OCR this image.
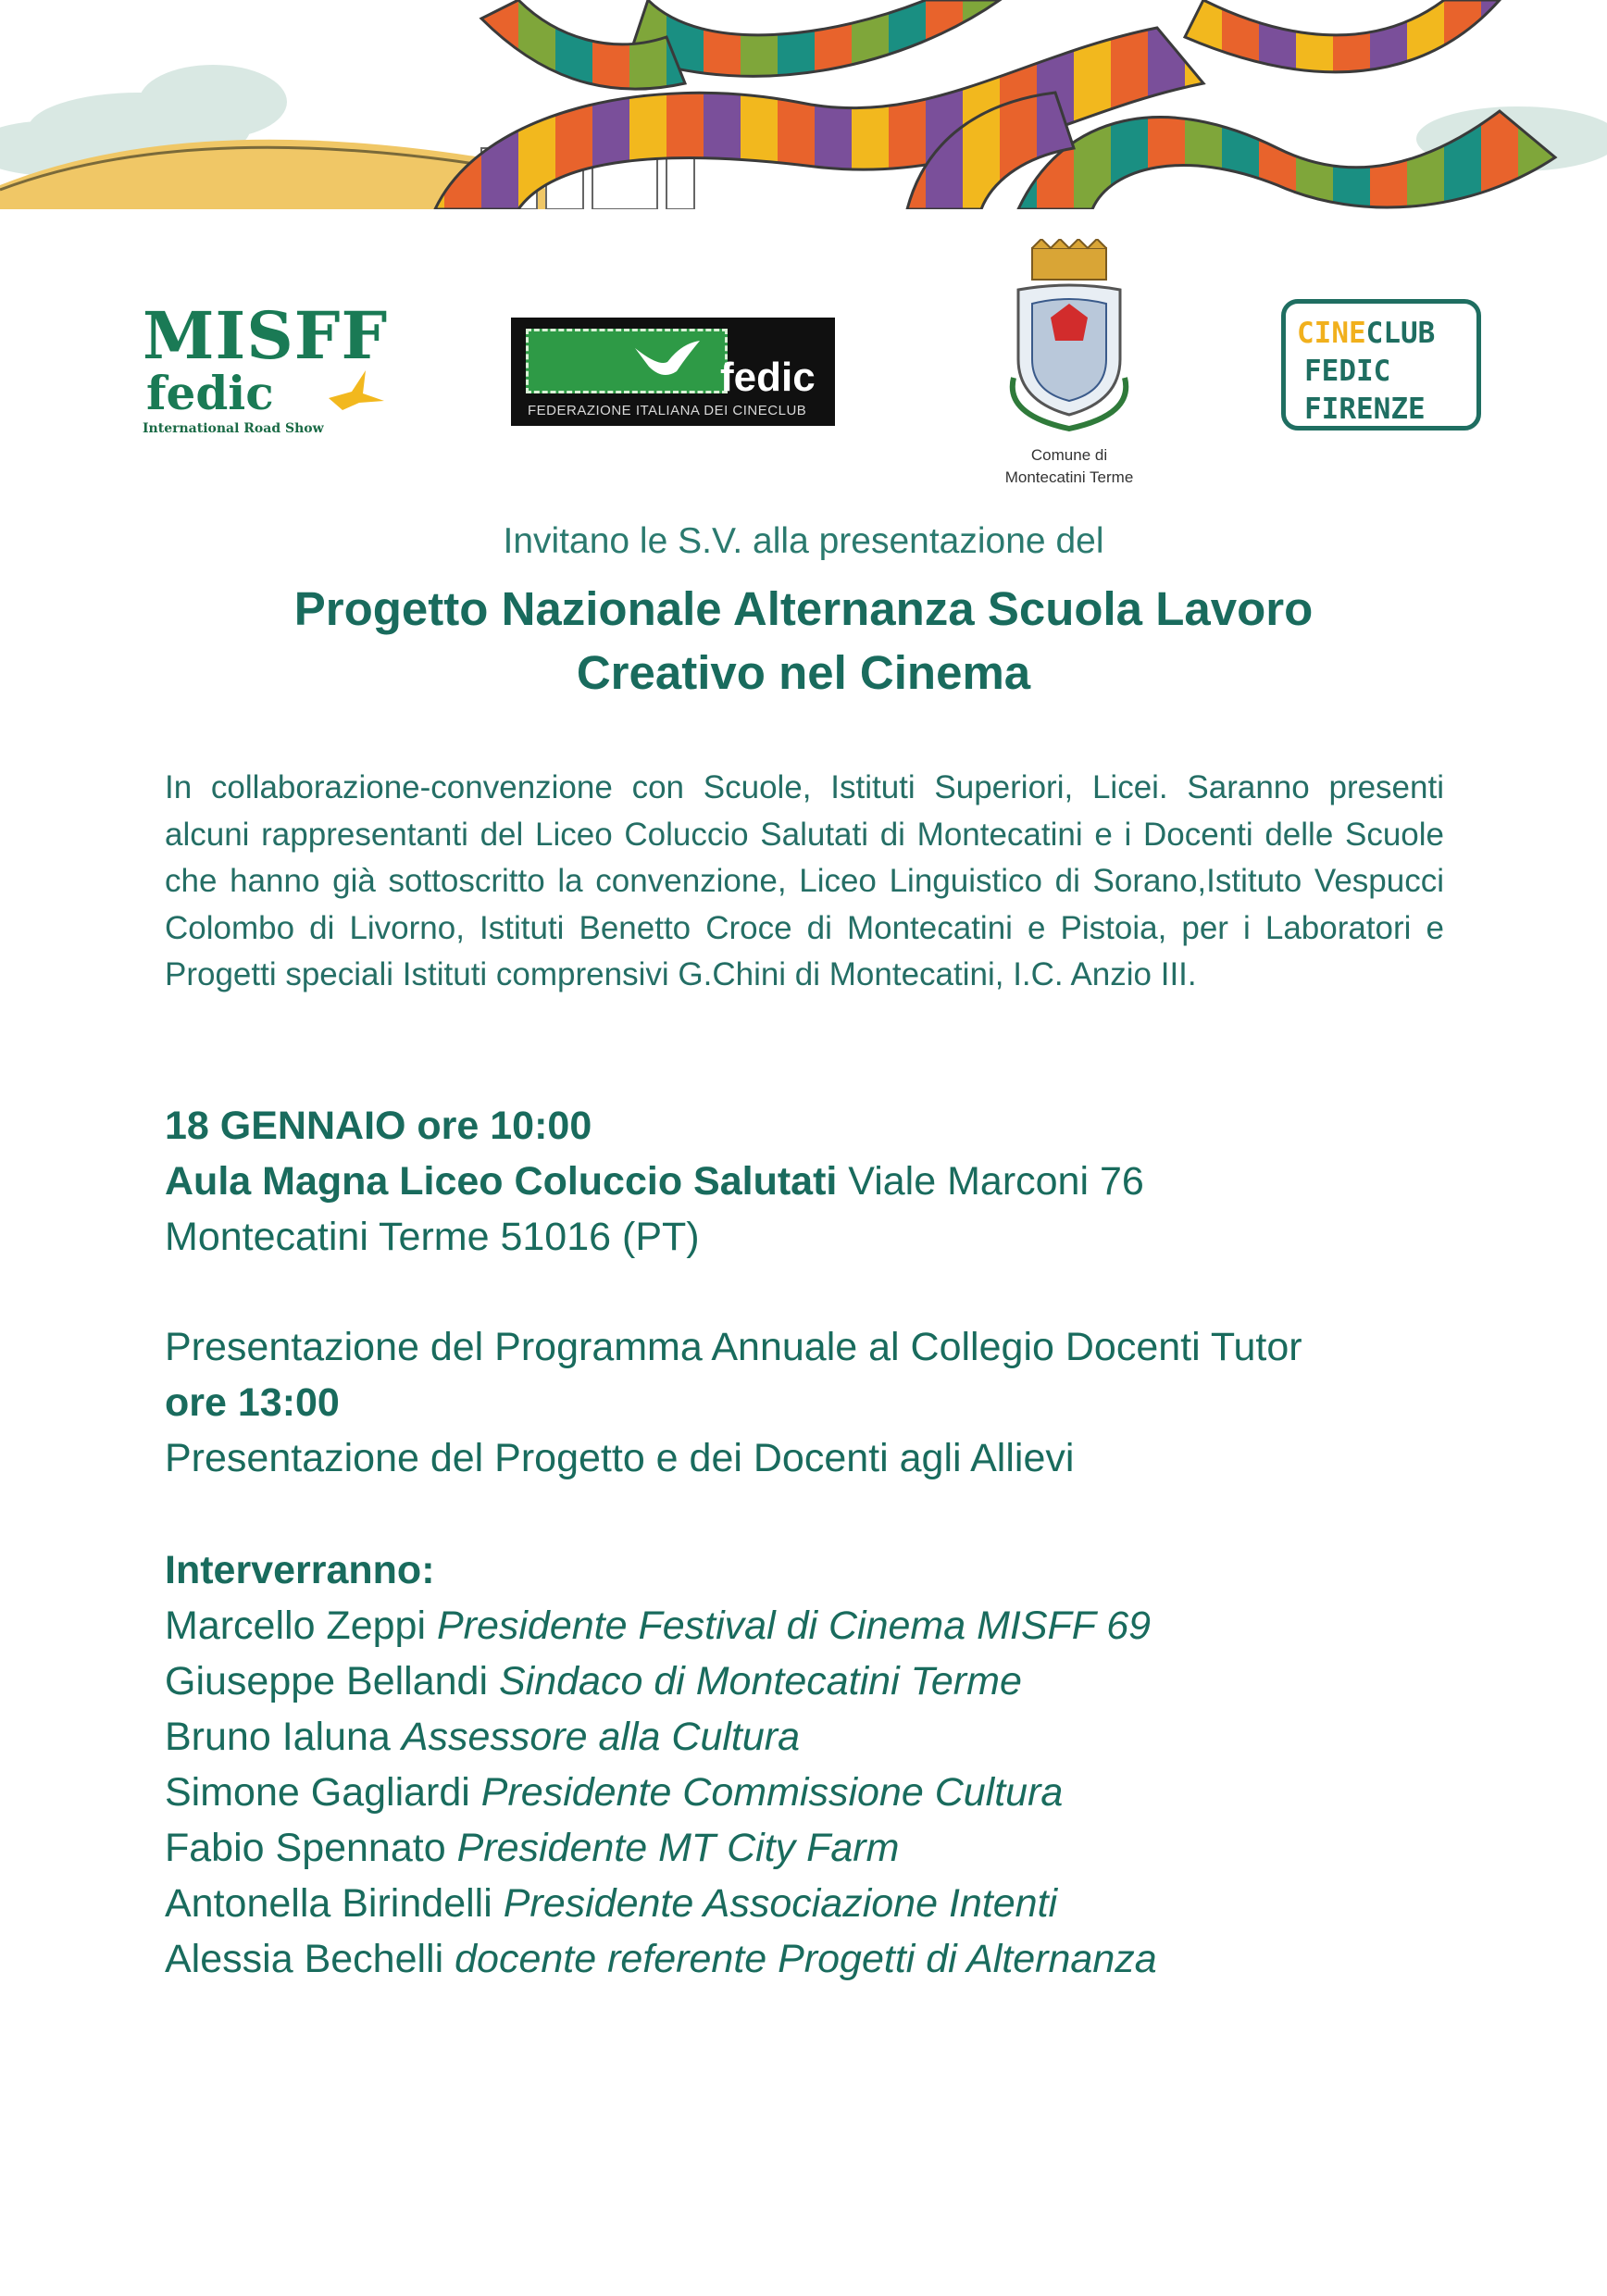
MISFF
fedic
International Road Show
fedic
FEDERAZIONE ITALIANA DEI CINECLUB
Comune di
Montecatini Terme
CINECLUB
FEDIC
FIRENZE
Invitano le S.V. alla presentazione del
Progetto Nazionale Alternanza Scuola Lavoro
Creativo nel Cinema
In collaborazione-convenzione con Scuole, Istituti Superiori, Licei. Saranno presenti alcuni rappresentanti del Liceo Coluccio Salutati di Montecatini e i Docenti delle Scuole che hanno già sottoscritto la convenzione, Liceo Linguistico di Sorano,Istituto Vespucci Colombo di Livorno, Istituti Benetto Croce di Montecatini e Pistoia, per i Laboratori e Progetti speciali Istituti comprensivi G.Chini di Montecatini, I.C. Anzio III.
18 GENNAIO ore 10:00
Aula Magna Liceo Coluccio Salutati Viale Marconi 76
Montecatini Terme 51016 (PT)
Presentazione del Programma Annuale al Collegio Docenti Tutor
ore 13:00
Presentazione del Progetto e dei Docenti agli Allievi
Interverranno:
Marcello Zeppi Presidente Festival di Cinema MISFF 69
Giuseppe Bellandi Sindaco di Montecatini Terme
Bruno Ialuna Assessore alla Cultura
Simone Gagliardi Presidente Commissione Cultura
Fabio Spennato Presidente MT City Farm
Antonella Birindelli Presidente Associazione Intenti
Alessia Bechelli docente referente Progetti di Alternanza
